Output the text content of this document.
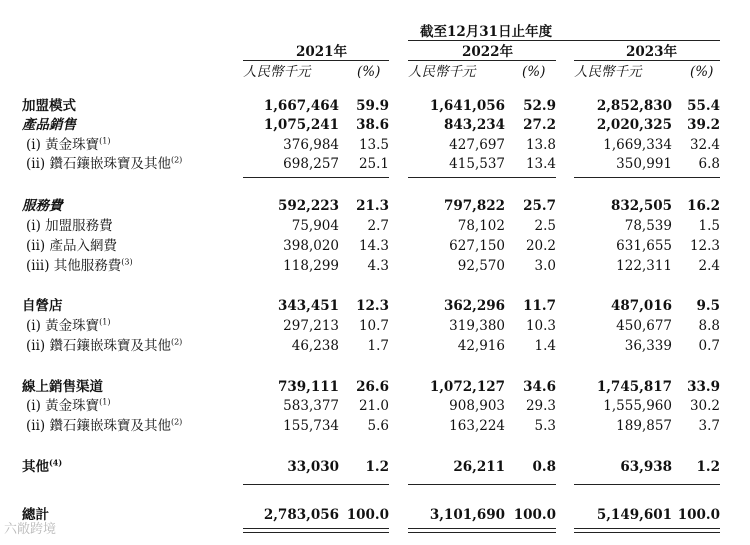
截至12月31日止年度
2021年	2022年	2023年
人民幣千元	(%) 人民幣千元	(%) 人民幣千元	(%)
加盟模式	1,667,464 59.9	1,641,056 52.9	2,852,830 55.4
產品銷售	1,075,241 38.6	843,234 27.2	2,020,325 39.2
(i) 黃金珠寶$^{(1)}$	376,984 13.5	427,697 13.8	1,669,334 32.4
(ii) 鑽石鑲嵌珠寶及其他$^{(2)}$	698,257 25.1	415,537 13.4	350,991 6.8
服務費	592,223 21.3	797,822 25.7	832,505 16.2
(i) 加盟服務費	75,904 2.7	78,102 2.5	78,539 1.5
(ii) 產品入網費	398,020 14.3	627,150 20.2	631,655 12.3
(iii) 其他服務費$^{(3)}$	118,299 4.3	92,570 3.0	122,311 2.4
自營店	343,451 12.3	362,296 11.7	487,016 9.5
(i) 黃金珠寶$^{(1)}$	297,213 10.7	319,380 10.3	450,677 8.8
(ii) 鑽石鑲嵌珠寶及其他$^{(2)}$	46,238 1.7	42,916 1.4	36,339 0.7
線上銷售渠道	739,111 26.6	1,072,127 34.6	1,745,817 33.9
(i) 黃金珠寶$^{(1)}$	583,377 21.0	908,903 29.3	1,555,960 30.2
(ii) 鑽石鑲嵌珠寶及其他$^{(2)}$	155,734 5.6	163,224 5.3	189,857 3.7
其他$^{(4)}$	33,030 1.2	26,211 0.8	63,938 1.2
總計	2,783,056 100.0	3,101,690 100.0	5,149,601 100.0
六敞跨境
